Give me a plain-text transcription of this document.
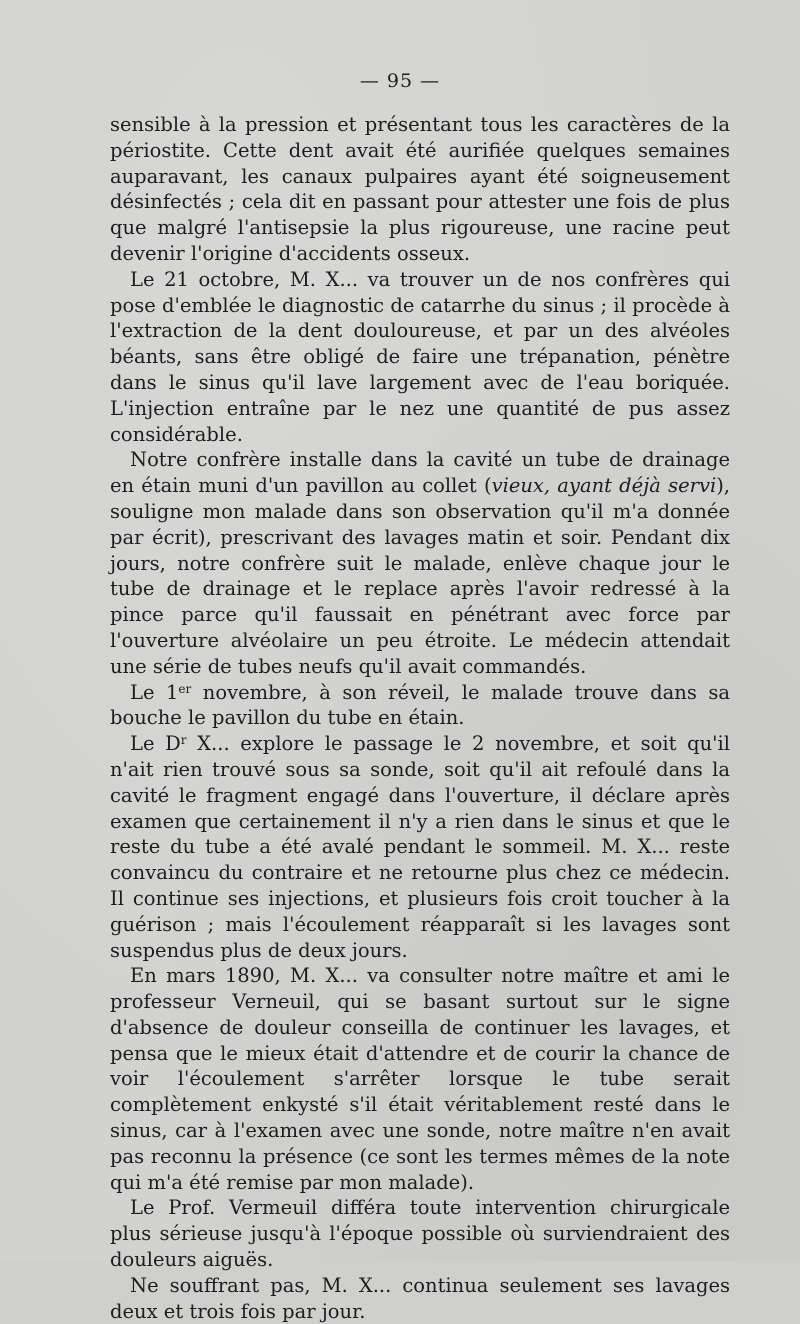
— 95 —

sensible à la pression et présentant tous les caractères de la périostite. Cette dent avait été aurifiée quelques semaines auparavant, les canaux pulpaires ayant été soigneusement désinfectés ; cela dit en passant pour attester une fois de plus que malgré l'antisepsie la plus rigoureuse, une racine peut devenir l'origine d'accidents osseux.

Le 21 octobre, M. X... va trouver un de nos confrères qui pose d'emblée le diagnostic de catarrhe du sinus ; il procède à l'extraction de la dent douloureuse, et par un des alvéoles béants, sans être obligé de faire une trépanation, pénètre dans le sinus qu'il lave largement avec de l'eau boriquée. L'injection entraîne par le nez une quantité de pus assez considérable.

Notre confrère installe dans la cavité un tube de drainage en étain muni d'un pavillon au collet (vieux, ayant déjà servi), souligne mon malade dans son observation qu'il m'a donnée par écrit), prescrivant des lavages matin et soir. Pendant dix jours, notre confrère suit le malade, enlève chaque jour le tube de drainage et le replace après l'avoir redressé à la pince parce qu'il faussait en pénétrant avec force par l'ouverture alvéolaire un peu étroite. Le médecin attendait une série de tubes neufs qu'il avait commandés.

Le 1er novembre, à son réveil, le malade trouve dans sa bouche le pavillon du tube en étain.

Le $D^r$ X... explore le passage le 2 novembre, et soit qu'il n'ait rien trouvé sous sa sonde, soit qu'il ait refoulé dans la cavité le fragment engagé dans l'ouverture, il déclare après examen que certainement il n'y a rien dans le sinus et que le reste du tube a été avalé pendant le sommeil. M. X... reste convaincu du contraire et ne retourne plus chez ce médecin. Il continue ses injections, et plusieurs fois croit toucher à la guérison ; mais l'écoulement réapparaît si les lavages sont suspendus plus de deux jours.

En mars 1890, M. X... va consulter notre maître et ami le professeur Verneuil, qui se basant surtout sur le signe d'absence de douleur conseilla de continuer les lavages, et pensa que le mieux était d'attendre et de courir la chance de voir l'écoulement s'arrêter lorsque le tube serait complètement enkysté s'il était véritablement resté dans le sinus, car à l'examen avec une sonde, notre maître n'en avait pas reconnu la présence (ce sont les termes mêmes de la note qui m'a été remise par mon malade).

Le Prof. Vermeuil différa toute intervention chirurgicale plus sérieuse jusqu'à l'époque possible où surviendraient des douleurs aiguës.

Ne souffrant pas, M. X... continua seulement ses lavages deux et trois fois par jour.
